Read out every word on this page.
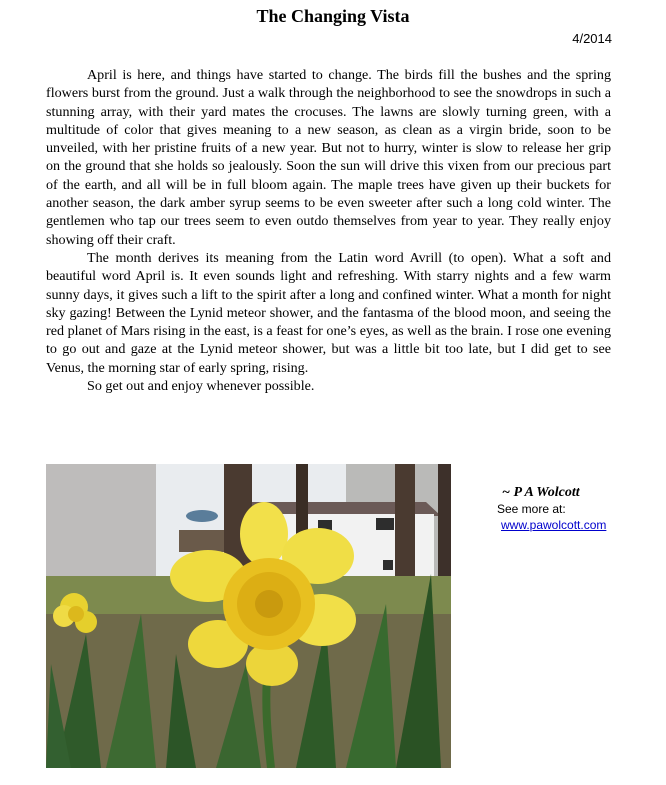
The Changing Vista
4/2014

April is here, and things have started to change. The birds fill the bushes and the spring flowers burst from the ground. Just a walk through the neighborhood to see the snowdrops in such a stunning array, with their yard mates the crocuses. The lawns are slowly turning green, with a multitude of color that gives meaning to a new season, as clean as a virgin bride, soon to be unveiled, with her pristine fruits of a new year. But not to hurry, winter is slow to release her grip on the ground that she holds so jealously. Soon the sun will drive this vixen from our precious part of the earth, and all will be in full bloom again. The maple trees have given up their buckets for another season, the dark amber syrup seems to be even sweeter after such a long cold winter. The gentlemen who tap our trees seem to even outdo themselves from year to year. They really enjoy showing off their craft.

The month derives its meaning from the Latin word Avrill (to open). What a soft and beautiful word April is. It even sounds light and refreshing. With starry nights and a few warm sunny days, it gives such a lift to the spirit after a long and confined winter. What a month for night sky gazing! Between the Lynid meteor shower, and the fantasma of the blood moon, and seeing the red planet of Mars rising in the east, is a feast for one’s eyes, as well as the brain. I rose one evening to go out and gaze at the Lynid meteor shower, but was a little bit too late, but I did get to see Venus, the morning star of early spring, rising.

So get out and enjoy whenever possible.

~ P A Wolcott
See more at:
www.pawolcott.com
